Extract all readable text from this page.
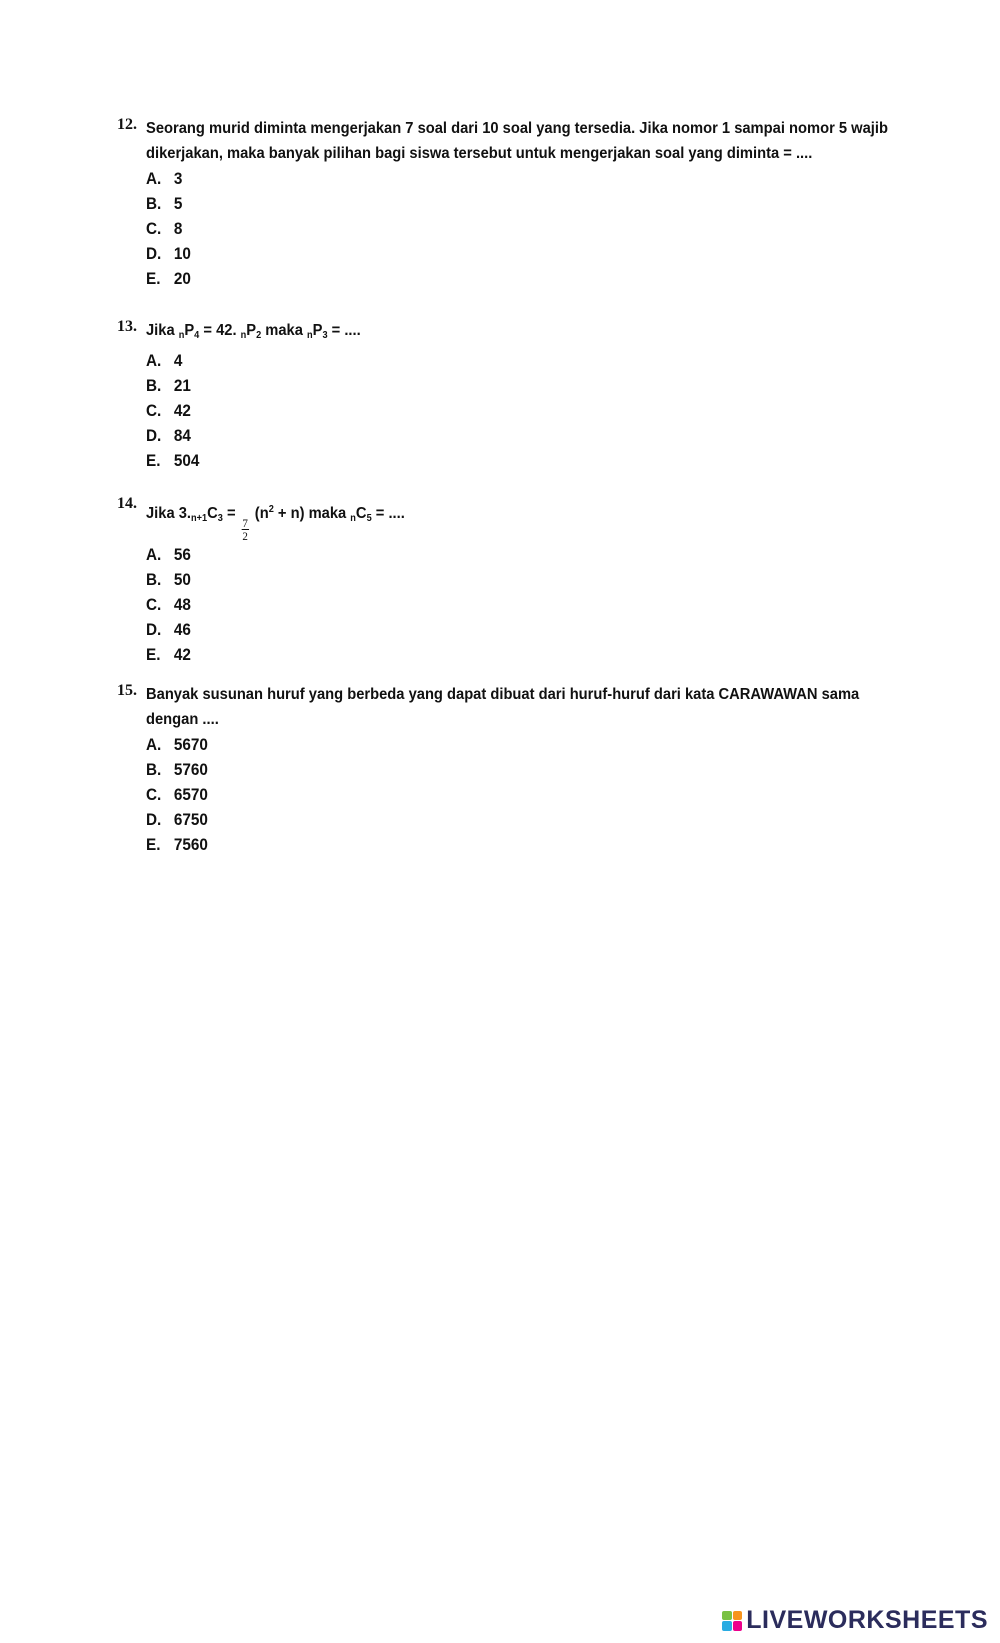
12. Seorang murid diminta mengerjakan 7 soal dari 10 soal yang tersedia. Jika nomor 1 sampai nomor 5 wajib dikerjakan, maka banyak pilihan bagi siswa tersebut untuk mengerjakan soal yang diminta = ....
A. 3
B. 5
C. 8
D. 10
E. 20
13. Jika $_nP_4 = 42$. $_nP_2$ maka $_nP_3$ = ....
A. 4
B. 21
C. 42
D. 84
E. 504
14.
Jika $3._{n+1}C_3$ =
$\frac{7}{2}$
$(n^2 + n)$ maka $_nC_5$ = ....
A. 56
B. 50
C. 48
D. 46
E. 42
15. Banyak susunan huruf yang berbeda yang dapat dibuat dari huruf-huruf dari kata CARAWAWAN sama dengan ....
A. 5670
B. 5760
C. 6570
D. 6750
E. 7560
LIVEWORKSHEETS
